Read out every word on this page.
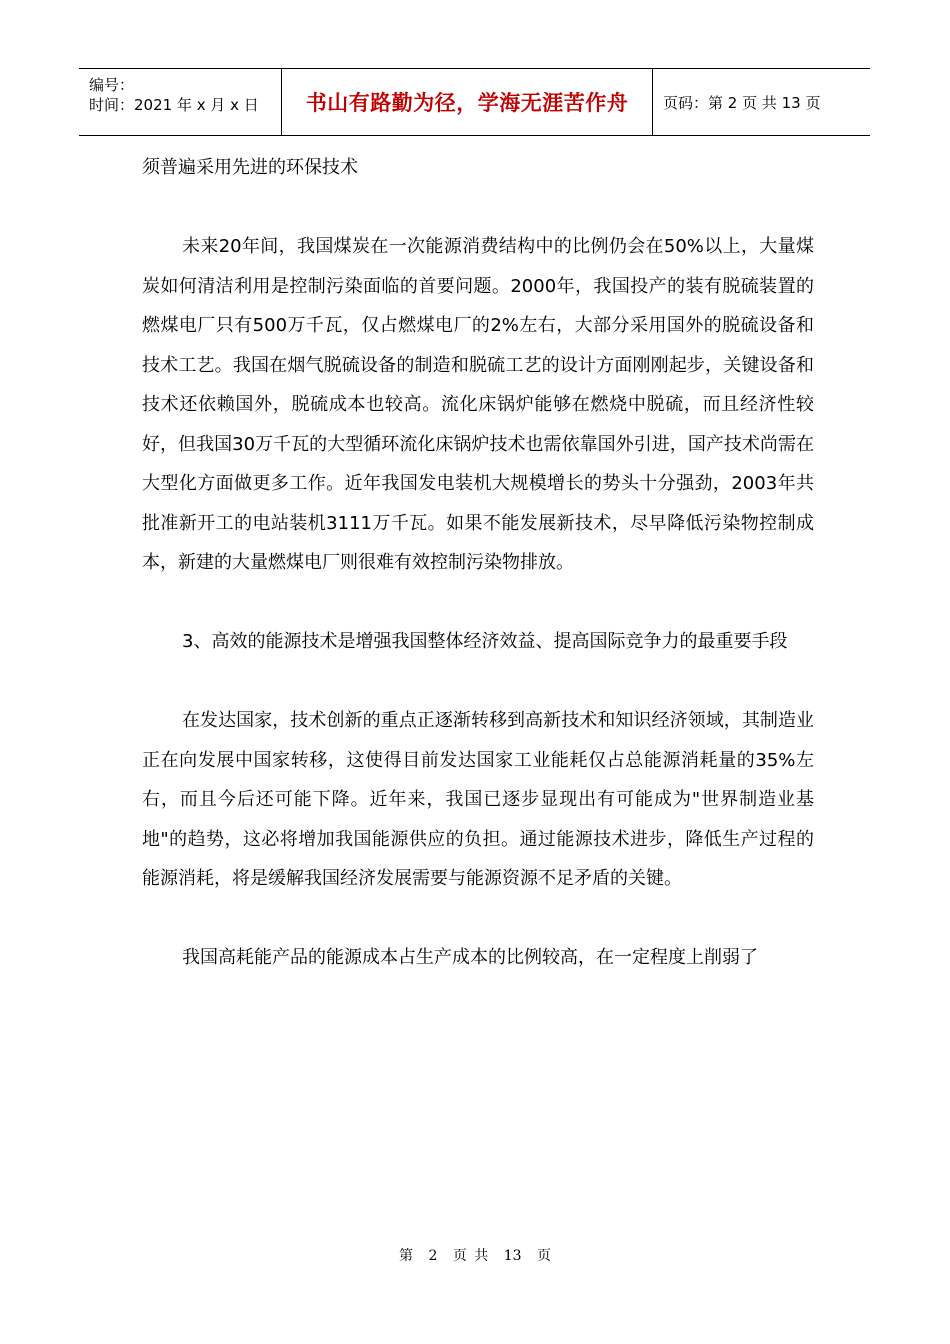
编号：
时间：2021 年 x 月 x 日	书山有路勤为径，学海无涯苦作舟	页码：第 2 页 共 13 页

须普遍采用先进的环保技术

未来20年间，我国煤炭在一次能源消费结构中的比例仍会在50%以上，大量煤炭如何清洁利用是控制污染面临的首要问题。2000年，我国投产的装有脱硫装置的燃煤电厂只有500万千瓦，仅占燃煤电厂的2%左右，大部分采用国外的脱硫设备和技术工艺。我国在烟气脱硫设备的制造和脱硫工艺的设计方面刚刚起步，关键设备和技术还依赖国外，脱硫成本也较高。流化床锅炉能够在燃烧中脱硫，而且经济性较好，但我国30万千瓦的大型循环流化床锅炉技术也需依靠国外引进，国产技术尚需在大型化方面做更多工作。近年我国发电装机大规模增长的势头十分强劲，2003年共批准新开工的电站装机3111万千瓦。如果不能发展新技术，尽早降低污染物控制成本，新建的大量燃煤电厂则很难有效控制污染物排放。

3、高效的能源技术是增强我国整体经济效益、提高国际竞争力的最重要手段

在发达国家，技术创新的重点正逐渐转移到高新技术和知识经济领域，其制造业正在向发展中国家转移，这使得目前发达国家工业能耗仅占总能源消耗量的35%左右，而且今后还可能下降。近年来，我国已逐步显现出有可能成为"世界制造业基地"的趋势，这必将增加我国能源供应的负担。通过能源技术进步，降低生产过程的能源消耗，将是缓解我国经济发展需要与能源资源不足矛盾的关键。

我国高耗能产品的能源成本占生产成本的比例较高，在一定程度上削弱了

第 2 页 共 13 页
